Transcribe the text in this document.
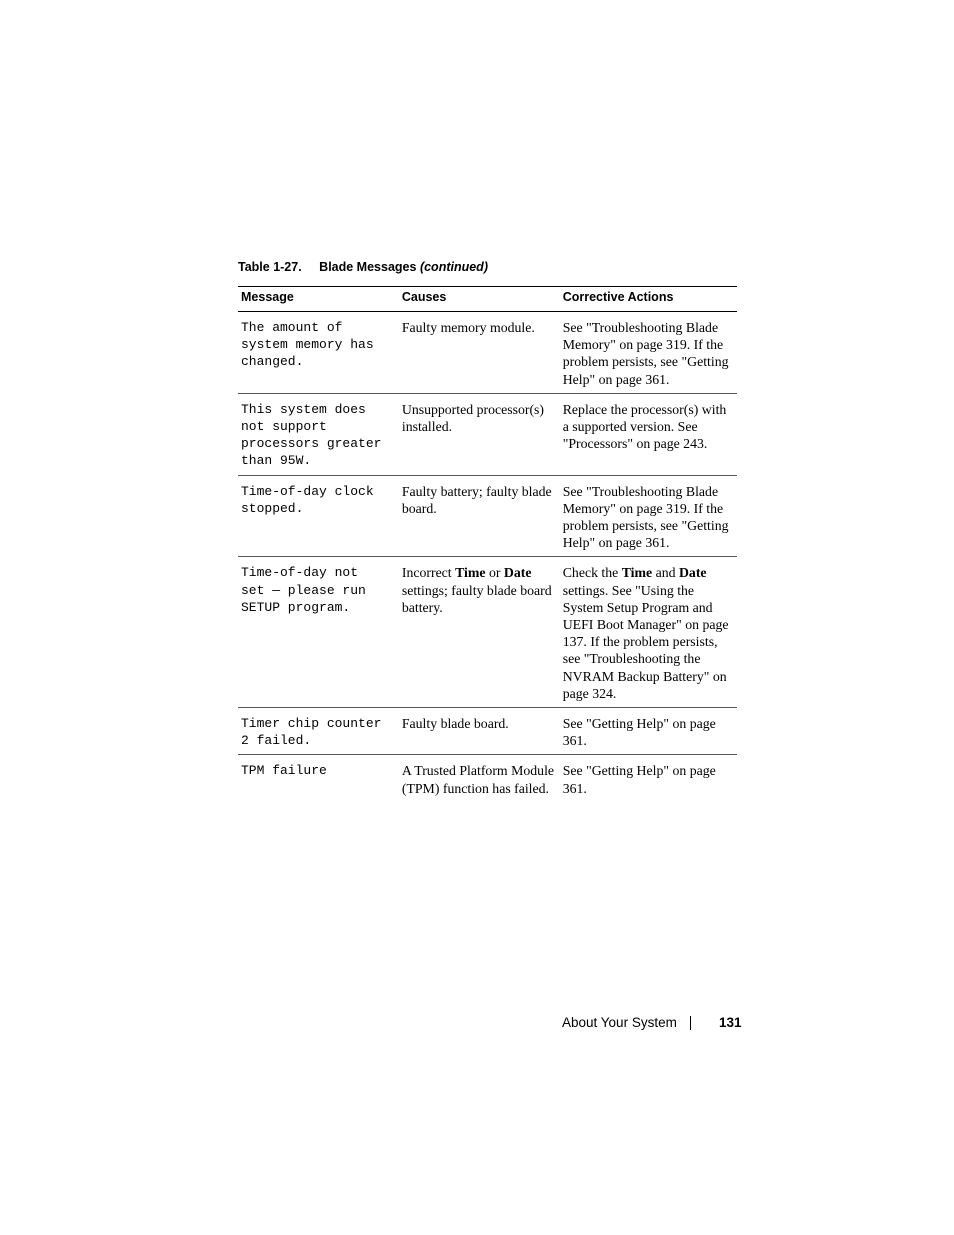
Table 1-27. Blade Messages (continued)
Message	Causes	Corrective Actions
The amount of
system memory has
changed.	Faulty memory module.	See "Troubleshooting Blade Memory" on page 319. If the problem persists, see "Getting Help" on page 361.
This system does
not support
processors greater
than 95W.	Unsupported processor(s) installed.	Replace the processor(s) with a supported version. See "Processors" on page 243.
Time-of-day clock
stopped.	Faulty battery; faulty blade board.	See "Troubleshooting Blade Memory" on page 319. If the problem persists, see "Getting Help" on page 361.
Time-of-day not
set — please run
SETUP program.	Incorrect Time or Date settings; faulty blade board battery.	Check the Time and Date settings. See "Using the System Setup Program and UEFI Boot Manager" on page 137. If the problem persists, see "Troubleshooting the NVRAM Backup Battery" on page 324.
Timer chip counter
2 failed.	Faulty blade board.	See "Getting Help" on page 361.
TPM failure	A Trusted Platform Module (TPM) function has failed.	See "Getting Help" on page 361.
About Your System	131
